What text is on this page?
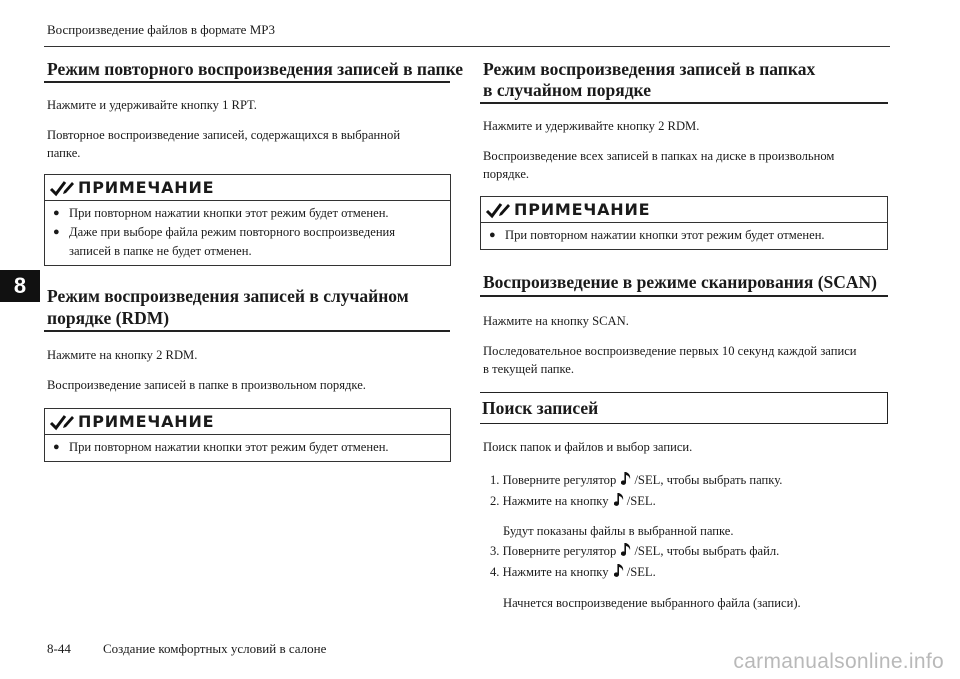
Воспроизведение файлов в формате MP3
8
Режим повторного воспроизведения записей в папке
Нажмите и удерживайте кнопку 1 RPT.
Повторное воспроизведение записей, содержащихся в выбранной
папке.
ПРИМЕЧАНИЕ
● При повторном нажатии кнопки этот режим будет отменен.
● Даже при выборе файла режим повторного воспроизведения
записей в папке не будет отменен.
Режим воспроизведения записей в случайном
порядке (RDM)
Нажмите на кнопку 2 RDM.
Воспроизведение записей в папке в произвольном порядке.
ПРИМЕЧАНИЕ
● При повторном нажатии кнопки этот режим будет отменен.
Режим воспроизведения записей в папках
в случайном порядке
Нажмите и удерживайте кнопку 2 RDM.
Воспроизведение всех записей в папках на диске в произвольном
порядке.
ПРИМЕЧАНИЕ
● При повторном нажатии кнопки этот режим будет отменен.
Воспроизведение в режиме сканирования (SCAN)
Нажмите на кнопку SCAN.
Последовательное воспроизведение первых 10 секунд каждой записи
в текущей папке.
Поиск записей
Поиск папок и файлов и выбор записи.
1. Поверните регулятор /SEL, чтобы выбрать папку.
2. Нажмите на кнопку /SEL.
Будут показаны файлы в выбранной папке.
3. Поверните регулятор /SEL, чтобы выбрать файл.
4. Нажмите на кнопку /SEL.
Начнется воспроизведение выбранного файла (записи).
8-44 Создание комфортных условий в салоне
carmanualsonline.info
